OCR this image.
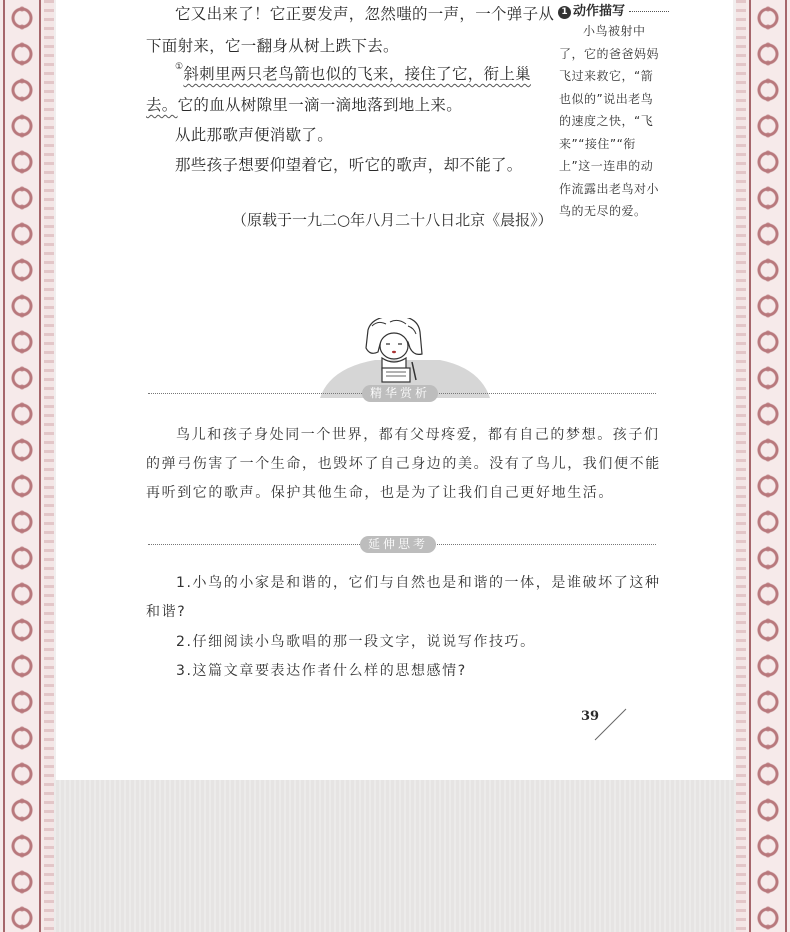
它又出来了！它正要发声，忽然嗤的一声，一个弹子从

下面射来，它一翻身从树上跌下去。

①斜刺里两只老鸟箭也似的飞来，接住了它，衔上巢

去。它的血从树隙里一滴一滴地落到地上来。

从此那歌声便消歇了。

那些孩子想要仰望着它，听它的歌声，却不能了。

（原载于一九二○年八月二十八日北京《晨报》）

1 动作描写

小鸟被射中了，它的爸爸妈妈飞过来救它，“箭也似的”说出老鸟的速度之快，“飞来”“接住”“衔上”这一连串的动作流露出老鸟对小鸟的无尽的爱。

精华赏析

鸟儿和孩子身处同一个世界，都有父母疼爱，都有自己的梦想。孩子们

的弹弓伤害了一个生命，也毁坏了自己身边的美。没有了鸟儿，我们便不能

再听到它的歌声。保护其他生命，也是为了让我们自己更好地生活。

延伸思考

1.小鸟的小家是和谐的，它们与自然也是和谐的一体，是谁破坏了这种

和谐?

2.仔细阅读小鸟歌唱的那一段文字，说说写作技巧。

3.这篇文章要表达作者什么样的思想感情?

39
